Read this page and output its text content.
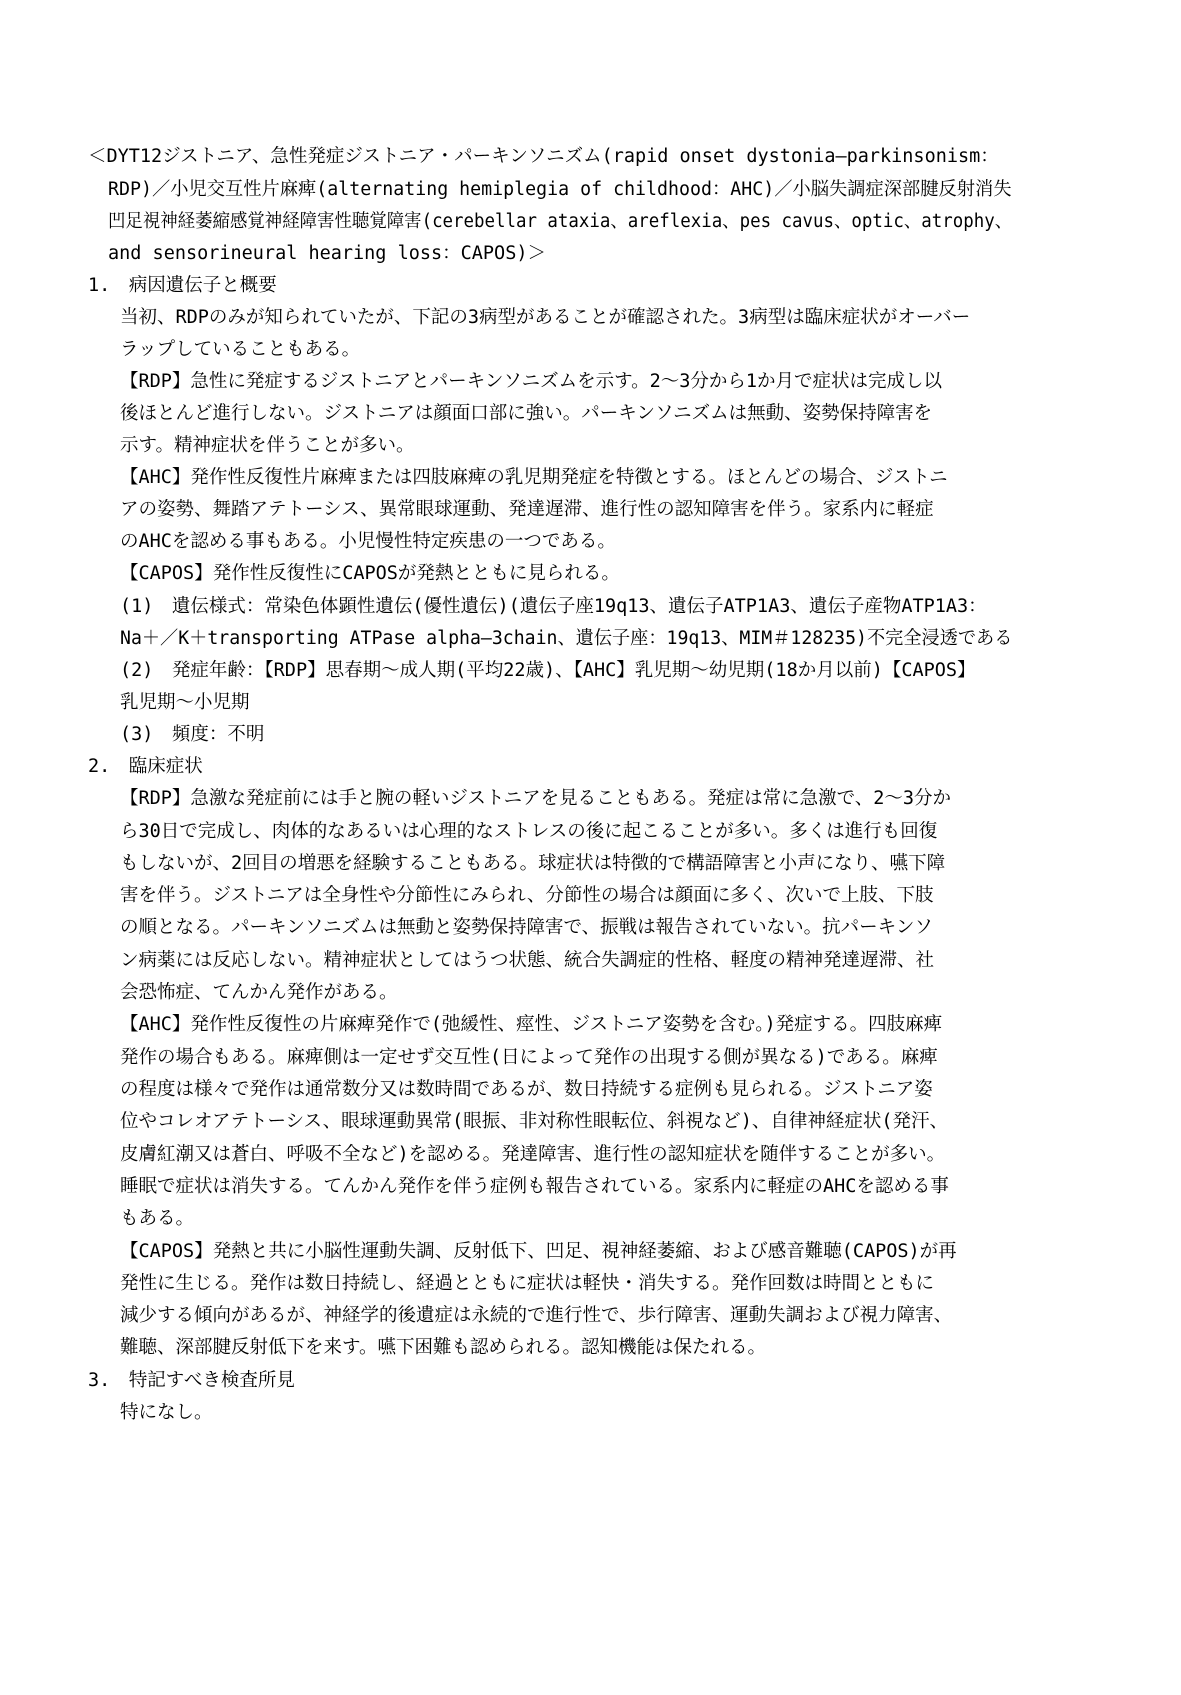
＜DYT12ジストニア、急性発症ジストニア・パーキンソニズム(rapid onset dystonia―parkinsonism：
RDP)／小児交互性片麻痺(alternating hemiplegia of childhood：AHC)／小脳失調症深部腱反射消失
凹足視神経萎縮感覚神経障害性聴覚障害(cerebellar ataxia、areflexia、pes cavus、optic、atrophy、
and sensorineural hearing loss：CAPOS)＞
1.　病因遺伝子と概要
当初、RDPのみが知られていたが、下記の3病型があることが確認された。3病型は臨床症状がオーバー
ラップしていることもある。
【RDP】急性に発症するジストニアとパーキンソニズムを示す。2～3分から1か月で症状は完成し以
後ほとんど進行しない。ジストニアは顔面口部に強い。パーキンソニズムは無動、姿勢保持障害を
示す。精神症状を伴うことが多い。
【AHC】発作性反復性片麻痺または四肢麻痺の乳児期発症を特徴とする。ほとんどの場合、ジストニ
アの姿勢、舞踏アテトーシス、異常眼球運動、発達遅滞、進行性の認知障害を伴う。家系内に軽症
のAHCを認める事もある。小児慢性特定疾患の一つである。
【CAPOS】発作性反復性にCAPOSが発熱とともに見られる。
(1)　遺伝様式：常染色体顕性遺伝(優性遺伝)(遺伝子座19q13、遺伝子ATP1A3、遺伝子産物ATP1A3：
Na＋／K＋transporting ATPase alpha―3chain、遺伝子座：19q13、MIM＃128235)不完全浸透である
(2)　発症年齢：【RDP】思春期～成人期(平均22歳)、【AHC】乳児期～幼児期(18か月以前)【CAPOS】
乳児期～小児期
(3)　頻度：不明
2.　臨床症状
【RDP】急激な発症前には手と腕の軽いジストニアを見ることもある。発症は常に急激で、2～3分か
ら30日で完成し、肉体的なあるいは心理的なストレスの後に起こることが多い。多くは進行も回復
もしないが、2回目の増悪を経験することもある。球症状は特徴的で構語障害と小声になり、嚥下障
害を伴う。ジストニアは全身性や分節性にみられ、分節性の場合は顔面に多く、次いで上肢、下肢
の順となる。パーキンソニズムは無動と姿勢保持障害で、振戦は報告されていない。抗パーキンソ
ン病薬には反応しない。精神症状としてはうつ状態、統合失調症的性格、軽度の精神発達遅滞、社
会恐怖症、てんかん発作がある。
【AHC】発作性反復性の片麻痺発作で(弛緩性、痙性、ジストニア姿勢を含む。)発症する。四肢麻痺
発作の場合もある。麻痺側は一定せず交互性(日によって発作の出現する側が異なる)である。麻痺
の程度は様々で発作は通常数分又は数時間であるが、数日持続する症例も見られる。ジストニア姿
位やコレオアテトーシス、眼球運動異常(眼振、非対称性眼転位、斜視など)、自律神経症状(発汗、
皮膚紅潮又は蒼白、呼吸不全など)を認める。発達障害、進行性の認知症状を随伴することが多い。
睡眠で症状は消失する。てんかん発作を伴う症例も報告されている。家系内に軽症のAHCを認める事
もある。
【CAPOS】発熱と共に小脳性運動失調、反射低下、凹足、視神経萎縮、および感音難聴(CAPOS)が再
発性に生じる。発作は数日持続し、経過とともに症状は軽快・消失する。発作回数は時間とともに
減少する傾向があるが、神経学的後遺症は永続的で進行性で、歩行障害、運動失調および視力障害、
難聴、深部腱反射低下を来す。嚥下困難も認められる。認知機能は保たれる。
3.　特記すべき検査所見
特になし。
